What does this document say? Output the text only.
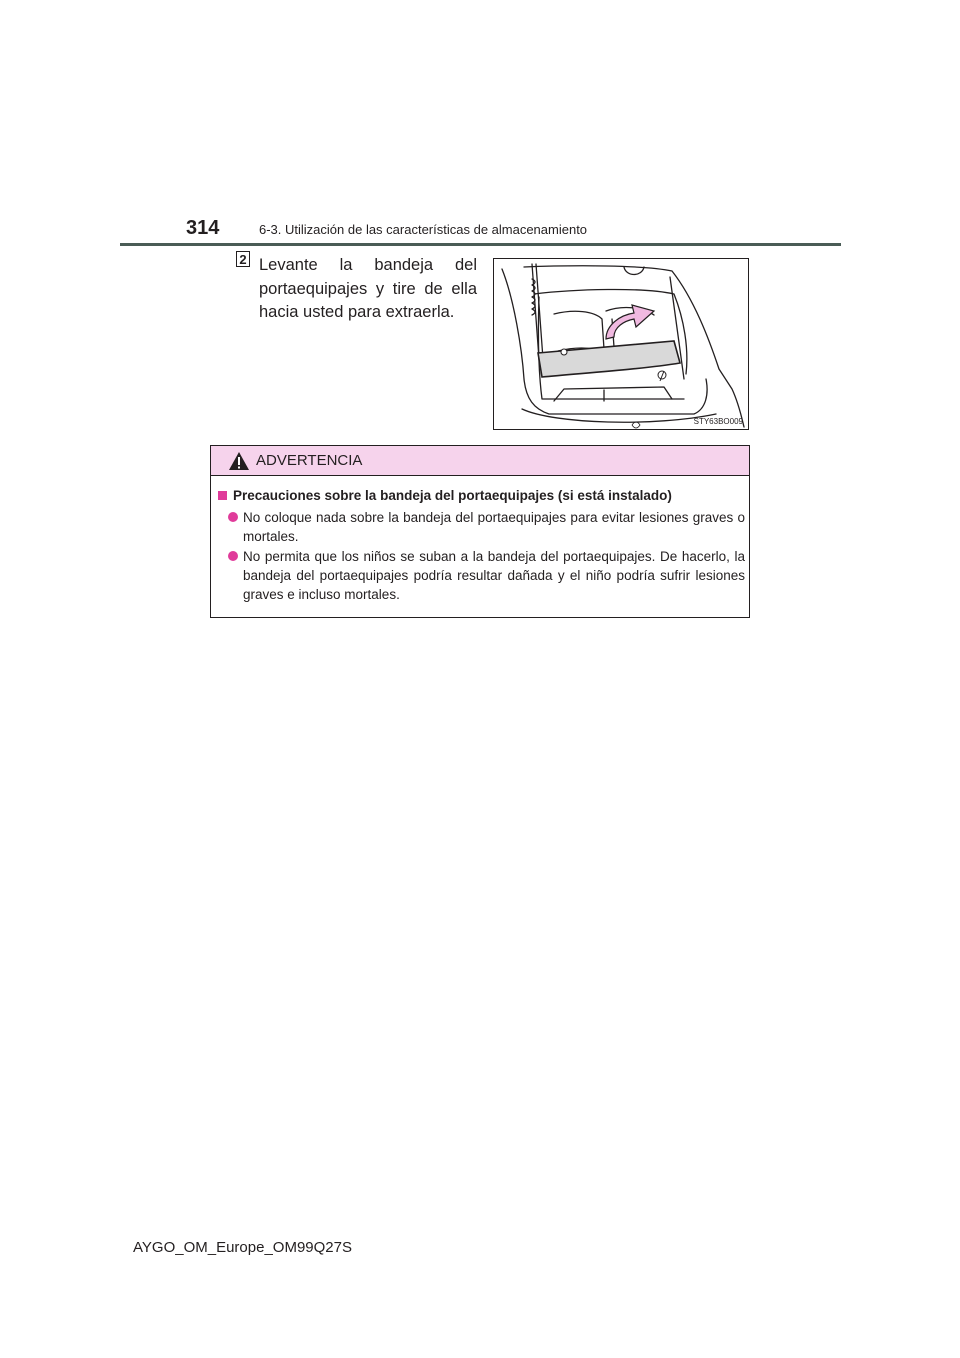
314	6-3. Utilización de las características de almacenamiento
2 Levante la bandeja del portaequipajes y tire de ella hacia usted para extraerla.
STY63BO009
ADVERTENCIA
Precauciones sobre la bandeja del portaequipajes (si está instalado)
No coloque nada sobre la bandeja del portaequipajes para evitar lesiones graves o mortales.
No permita que los niños se suban a la bandeja del portaequipajes. De hacerlo, la bandeja del portaequipajes podría resultar dañada y el niño podría sufrir lesiones graves e incluso mortales.
AYGO_OM_Europe_OM99Q27S
